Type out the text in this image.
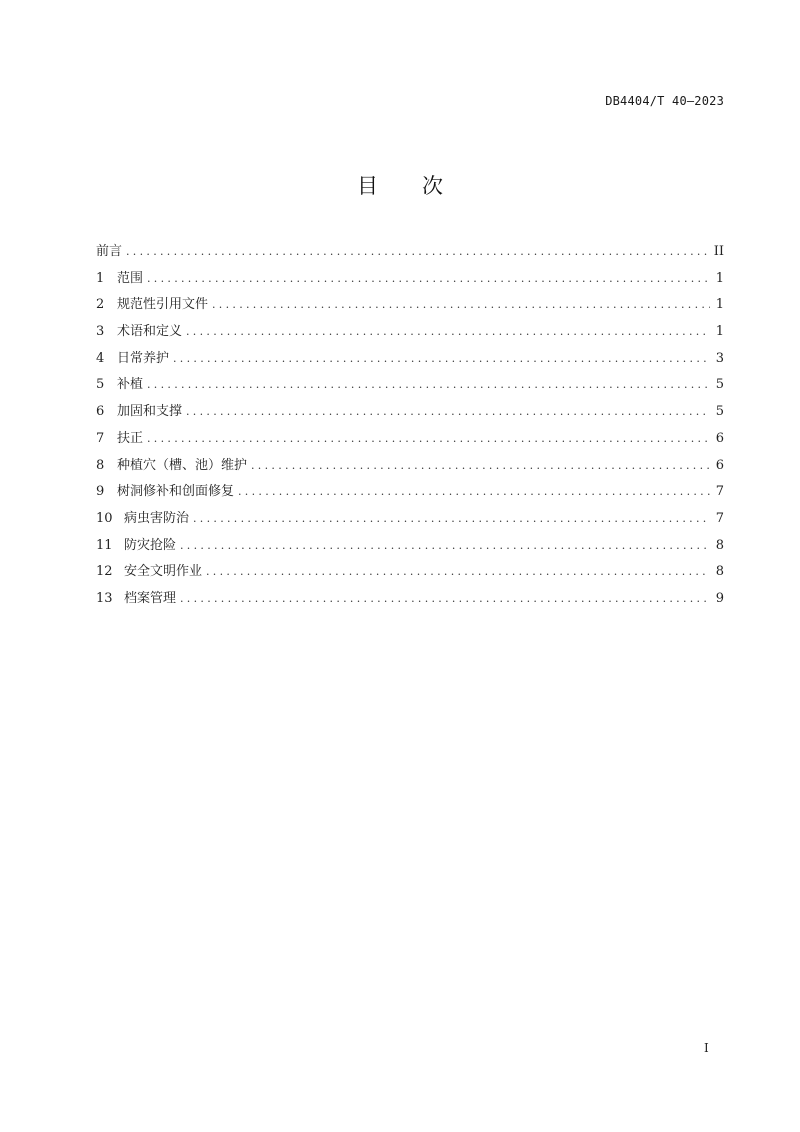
DB4404/T 40—2023
目 次
前言 .....	II
1 范围 .....	1
2 规范性引用文件 .....	1
3 术语和定义 .....	1
4 日常养护 .....	3
5 补植 .....	5
6 加固和支撑 .....	5
7 扶正 .....	6
8 种植穴（槽、池）维护 .....	6
9 树洞修补和创面修复 .....	7
10 病虫害防治 .....	7
11 防灾抢险 .....	8
12 安全文明作业 .....	8
13 档案管理 .....	9
I
